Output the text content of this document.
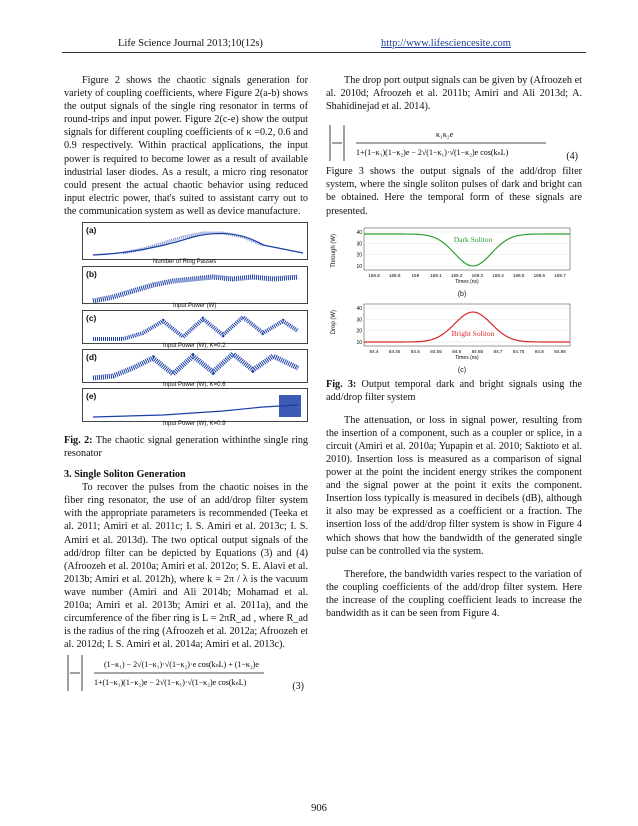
Life Science Journal 2013;10(12s)	http://www.lifesciencesite.com

Figure 2 shows the chaotic signals generation for variety of coupling coefficients, where Figure 2(a-b) shows the output signals of the single ring resonator in terms of round-trips and input power. Figure 2(c-e) show the output signals for different coupling coefficients of κ =0.2, 0.6 and 0.9 respectively. Within practical applications, the input power is required to become lower as a result of available industrial laser diodes. As a result, a micro ring resonator could present the actual chaotic behavior using reduced input electric power, that's suited to assistant carry out to the communication system as well as device manufacture.

(a)
Number of Ring Passes
(b)
Input Power (W)
(c)
Input Power (W), K=0.2
(d)
Input Power (W), K=0.6
(e)
Input Power (W), K=0.9

Fig. 2: The chaotic signal generation withinthe single ring resonator

3. Single Soliton Generation

To recover the pulses from the chaotic noises in the fiber ring resonator, the use of an add/drop filter system with the appropriate parameters is recommended (Teeka et al. 2011; Amiri et al. 2011c; I. S. Amiri et al. 2013c; I. S. Amiri et al. 2013d). The two optical output signals of the add/drop filter can be depicted by Equations (3) and (4) (Afroozeh et al. 2010a; Amiri et al. 2012o; S. E. Alavi et al. 2013b; Amiri et al. 2012h), where k = 2π / λ is the vacuum wave number (Amiri and Ali 2014b; Mohamad et al. 2010a; Amiri et al. 2013b; Amiri et al. 2011a), and the circumference of the fiber ring is L = 2πR_ad , where R_ad is the radius of the ring (Afroozeh et al. 2012a; Afroozeh et al. 2012d; I. S. Amiri et al. 2014a; Amiri et al. 2013c).

(1−κ₁) − 2√(1−κ₁)·√(1−κ₂)·e cos(kₙL) + (1−κ₂)e
1+(1−κ₁)(1−κ₂)e − 2√(1−κ₁)·√(1−κ₂)e cos(kₙL)	(3)

The drop port output signals can be given by (Afroozeh et al. 2010d; Afroozeh et al. 2011b; Amiri and Ali 2013d; A. Shahidinejad et al. 2014).

κ₁κ₂e
1+(1−κ₁)(1−κ₂)e − 2√(1−κ₁)·√(1−κ₂)e cos(kₙL)	(4)

Figure 3 shows the output signals of the add/drop filter system, where the single soliton pulses of dark and bright can be obtained. Here the temporal form of these signals are presented.

Through (W)
40
30
20
10
168.8 168.9 169 169.1 169.2 169.3 169.4 169.5 169.6 169.7
Times (ns)
Dark Soliton
(b)
Drop (W)
40
30
20
10
84.4 84.45 84.5 84.55 84.6 84.65 84.7 84.75 84.8 84.85
Times (ns)
Bright Soliton
(c)

Fig. 3: Output temporal dark and bright signals using the add/drop filter system

The attenuation, or loss in signal power, resulting from the insertion of a component, such as a coupler or splice, in a circuit (Amiri et al. 2010a; Yupapin et al. 2010; Saktioto et al. 2010). Insertion loss is measured as a comparison of signal power at the point the incident energy strikes the component and the signal power at the point it exits the component. Insertion loss typically is measured in decibels (dB), although it also may be expressed as a coefficient or a fraction. The insertion loss of the add/drop filter system is show in Figure 4 which shows that how the bandwidth of the generated single pulse can be controlled via the system.

Therefore, the bandwidth varies respect to the variation of the coupling coefficients of the add/drop filter system. Here the increase of the coupling coefficient leads to increase the bandwidth as it can be seen from Figure 4.

906
